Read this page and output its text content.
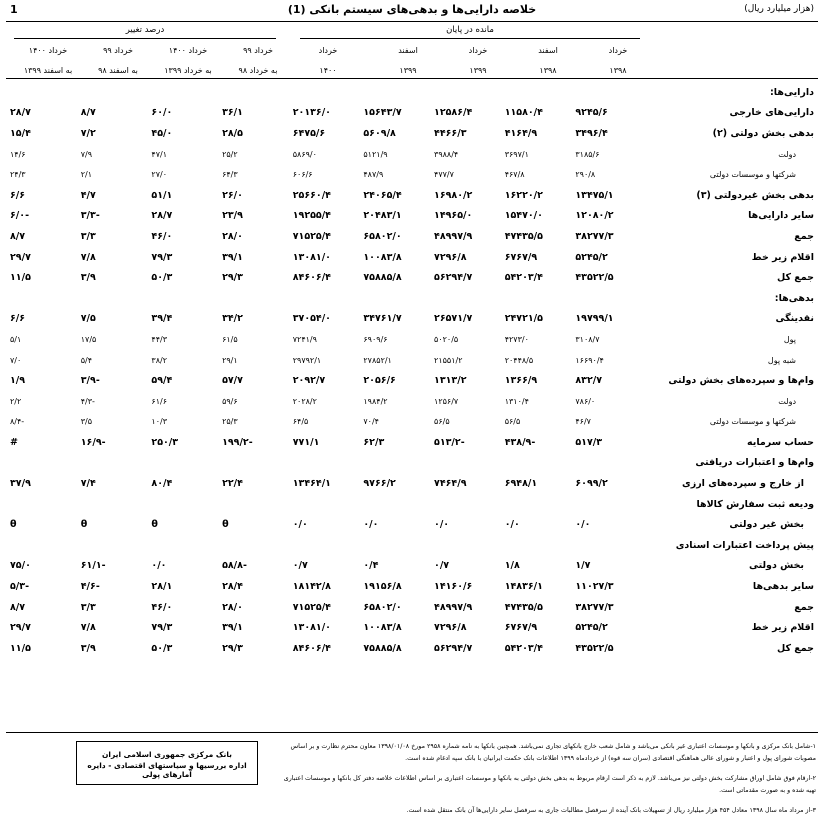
1	خلاصه دارایی‌ها و بدهی‌های سیستم بانکی (1)	(هزار میلیارد ریال)
درصد تغییر	مانده در پایان
خرداد
۱۳۹۸
اسفند
۱۳۹۸
خرداد
۱۳۹۹
اسفند
۱۳۹۹
خرداد
۱۴۰۰
خرداد ۹۹
به خرداد ۹۸
خرداد ۱۴۰۰
به خرداد ۱۳۹۹
خرداد ۹۹
به اسفند ۹۸
خرداد ۱۴۰۰
به اسفند ۱۳۹۹
دارایی‌ها:									
دارایی‌های خارجی	۹۲۴۵/۶	۱۱۵۸۰/۴	۱۲۵۸۶/۴	۱۵۶۴۳/۷	۲۰۱۳۶/۰	۳۶/۱	۶۰/۰	۸/۷	۲۸/۷
بدهی بخش دولتی (۲)	۳۴۹۶/۴	۴۱۶۴/۹	۴۴۶۶/۳	۵۶۰۹/۸	۶۴۷۵/۶	۲۸/۵	۴۵/۰	۷/۲	۱۵/۴
دولت	۳۱۸۵/۶	۳۶۹۷/۱	۳۹۸۸/۴	۵۱۲۱/۹	۵۸۶۹/۰	۲۵/۲	۴۷/۱	۷/۹	۱۴/۶
شرکتها و موسسات دولتی	۲۹۰/۸	۴۶۷/۸	۴۷۷/۷	۴۸۷/۹	۶۰۶/۶	۶۴/۳	۲۷/۰	۲/۱	۲۴/۳
بدهی بخش غیردولتی (۳)	۱۳۴۷۵/۱	۱۶۲۲۰/۲	۱۶۹۸۰/۲	۲۴۰۶۵/۴	۲۵۶۶۰/۴	۲۶/۰	۵۱/۱	۴/۷	۶/۶
سایر دارایی‌ها	۱۲۰۸۰/۲	۱۵۴۷۰/۰	۱۴۹۶۵/۰	۲۰۴۸۳/۱	۱۹۲۵۵/۴	۲۳/۹	۲۸/۷	-۳/۳	-۶/۰
جمع	۳۸۲۷۷/۳	۴۷۴۳۵/۵	۴۸۹۹۷/۹	۶۵۸۰۲/۰	۷۱۵۲۵/۴	۲۸/۰	۴۶/۰	۳/۳	۸/۷
اقلام زیر خط	۵۲۴۵/۲	۶۷۶۷/۹	۷۲۹۶/۸	۱۰۰۸۳/۸	۱۳۰۸۱/۰	۳۹/۱	۷۹/۳	۷/۸	۲۹/۷
جمع کل	۴۳۵۲۲/۵	۵۴۲۰۳/۴	۵۶۲۹۴/۷	۷۵۸۸۵/۸	۸۴۶۰۶/۴	۲۹/۳	۵۰/۳	۳/۹	۱۱/۵
بدهی‌ها:									
نقدینگی	۱۹۷۹۹/۱	۲۴۷۲۱/۵	۲۶۵۷۱/۷	۳۴۷۶۱/۷	۳۷۰۵۴/۰	۳۴/۲	۳۹/۴	۷/۵	۶/۶
پول	۳۱۰۸/۷	۴۲۷۳/۰	۵۰۲۰/۵	۶۹۰۹/۶	۷۲۴۱/۹	۶۱/۵	۴۴/۳	۱۷/۵	۵/۱
شبه پول	۱۶۶۹۰/۴	۲۰۴۴۸/۵	۲۱۵۵۱/۲	۲۷۸۵۲/۱	۲۹۷۹۲/۱	۲۹/۱	۳۸/۲	۵/۴	۷/۰
وام‌ها و سپرده‌های بخش دولتی	۸۳۲/۷	۱۳۶۶/۹	۱۳۱۳/۲	۲۰۵۶/۶	۲۰۹۲/۷	۵۷/۷	۵۹/۴	-۳/۹	۱/۹
دولت	۷۸۶/۰	۱۳۱۰/۴	۱۲۵۶/۷	۱۹۸۴/۲	۲۰۲۸/۲	۵۹/۶	۶۱/۶	-۴/۳	۲/۲
شرکتها و موسسات دولتی	۴۶/۷	۵۶/۵	۵۶/۵	۷۰/۴	۶۴/۵	۲۵/۳	۱۰/۳	۳/۵	-۸/۴
حساب سرمایه	۵۱۷/۳	-۴۳۸/۹	-۵۱۳/۲	۶۲/۳	۷۷۱/۱	-۱۹۹/۲	۲۵۰/۳	-۱۶/۹	#
وام‌ها و اعتبارات دریافتی									
از خارج و سپرده‌های ارزی	۶۰۹۹/۲	۶۹۴۸/۱	۷۴۶۴/۹	۹۷۶۶/۲	۱۳۴۶۴/۱	۲۲/۴	۸۰/۴	۷/۴	۳۷/۹
ودیعه ثبت سفارش کالاها									
بخش غیر دولتی	۰/۰	۰/۰	۰/۰	۰/۰	۰/۰	θ	θ	θ	θ
پیش پرداخت اعتبارات اسنادی									
بخش دولتی	۱/۷	۱/۸	۰/۷	۰/۴	۰/۷	-۵۸/۸	۰/۰	-۶۱/۱	۷۵/۰
سایر بدهی‌ها	۱۱۰۲۷/۳	۱۴۸۳۶/۱	۱۴۱۶۰/۶	۱۹۱۵۶/۸	۱۸۱۴۲/۸	۲۸/۴	۲۸/۱	-۴/۶	-۵/۳
جمع	۳۸۲۷۷/۳	۴۷۴۳۵/۵	۴۸۹۹۷/۹	۶۵۸۰۲/۰	۷۱۵۲۵/۴	۲۸/۰	۴۶/۰	۳/۳	۸/۷
اقلام زیر خط	۵۲۴۵/۲	۶۷۶۷/۹	۷۲۹۶/۸	۱۰۰۸۳/۸	۱۳۰۸۱/۰	۳۹/۱	۷۹/۳	۷/۸	۲۹/۷
جمع کل	۴۳۵۲۲/۵	۵۴۲۰۳/۴	۵۶۲۹۴/۷	۷۵۸۸۵/۸	۸۴۶۰۶/۴	۲۹/۳	۵۰/۳	۳/۹	۱۱/۵
بانک مرکزی جمهوری اسلامی ایران
اداره بررسیها و سیاستهای اقتصادی - دایره آمارهای پولی

۱-شامل بانک مرکزی و بانکها و موسسات اعتباری غیر بانکی می‌باشد و شامل شعب خارج بانکهای تجاری نمی‌باشد. همچنین بانکها به نامه شماره ۲۹۵۸ مورخ ۱۳۹۸/۰۱/۰۸ معاون محترم نظارت و بر اساس مصوبات شورای پول و اعتبار و شورای عالی هماهنگی اقتصادی (سران سه قوه) از خردادماه ۱۳۹۹ اطلاعات بانک حکمت ایرانیان با بانک سپه ادغام شده است.

۲-ارقام فوق شامل اوراق مشارکت بخش دولتی نیز می‌باشد. لازم به ذکر است ارقام مربوط به بدهی بخش دولتی به بانکها و موسسات اعتباری بر اساس اطلاعات خلاصه دفتر کل بانکها و موسسات اعتباری تهیه شده و به صورت مقدماتی است.

۳-از مرداد ماه سال ۱۳۹۸ معادل ۴۵۴ هزار میلیارد ریال از تسهیلات بانک آینده از سرفصل مطالبات جاری به سرفصل سایر دارایی‌ها آن بانک منتقل شده است.
